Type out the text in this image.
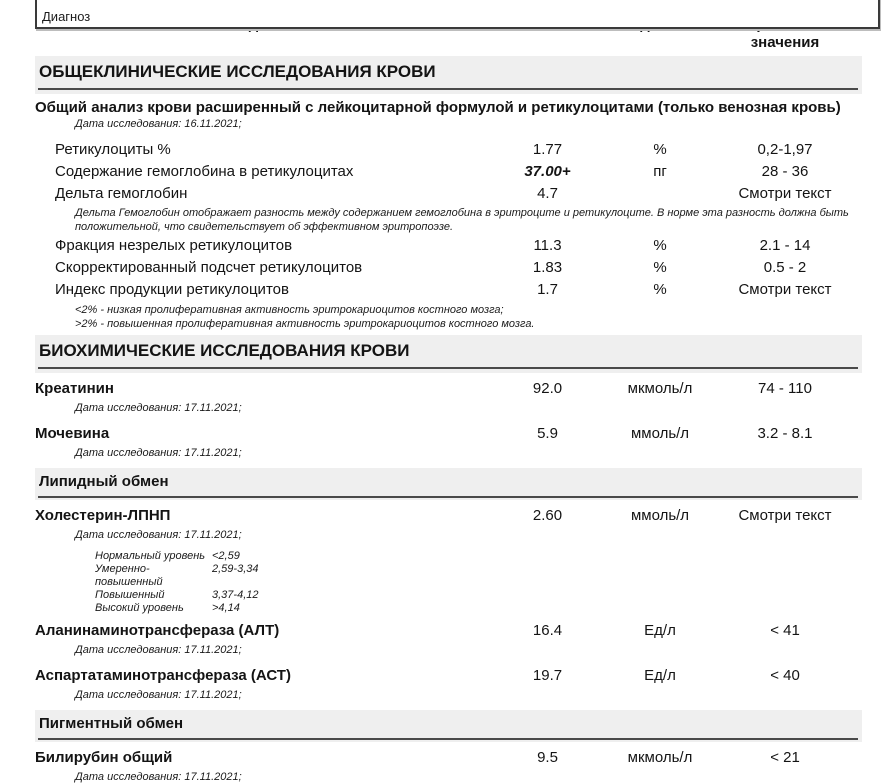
Диагноз
значения
ОБЩЕКЛИНИЧЕСКИЕ ИССЛЕДОВАНИЯ КРОВИ
Общий анализ крови расширенный с лейкоцитарной формулой и ретикулоцитами (только венозная кровь)
Дата исследования: 16.11.2021;
Ретикулоциты %	1.77	%	0,2-1,97
Содержание гемоглобина в ретикулоцитах	37.00+	пг	28 - 36
Дельта гемоглобин	4.7	Смотри текст
Дельта Гемоглобин отображает разность между содержанием гемоглобина в эритроците и ретикулоците. В норме эта разность должна быть положительной, что свидетельствует об эффективном эритропоэзе.
Фракция незрелых ретикулоцитов	11.3	%	2.1 - 14
Скорректированный подсчет ретикулоцитов	1.83	%	0.5 - 2
Индекс продукции ретикулоцитов	1.7	%	Смотри текст
<2% - низкая пролиферативная активность эритрокариоцитов костного мозга;
>2% - повышенная пролиферативная активность эритрокариоцитов костного мозга.
БИОХИМИЧЕСКИЕ ИССЛЕДОВАНИЯ КРОВИ
Креатинин	92.0	мкмоль/л	74 - 110
Дата исследования: 17.11.2021;
Мочевина	5.9	ммоль/л	3.2 - 8.1
Дата исследования: 17.11.2021;
Липидный обмен
Холестерин-ЛПНП	2.60	ммоль/л	Смотри текст
Дата исследования: 17.11.2021;
Нормальный уровень <2,59
Умеренно-повышенный
2,59-3,34
Повышенный	3,37-4,12
Высокий уровень	>4,14
Аланинаминотрансфераза (АЛТ)	16.4	Ед/л	< 41
Дата исследования: 17.11.2021;
Аспартатаминотрансфераза (АСТ)	19.7	Ед/л	< 40
Дата исследования: 17.11.2021;
Пигментный обмен
Билирубин общий	9.5	мкмоль/л	< 21
Дата исследования: 17.11.2021;
